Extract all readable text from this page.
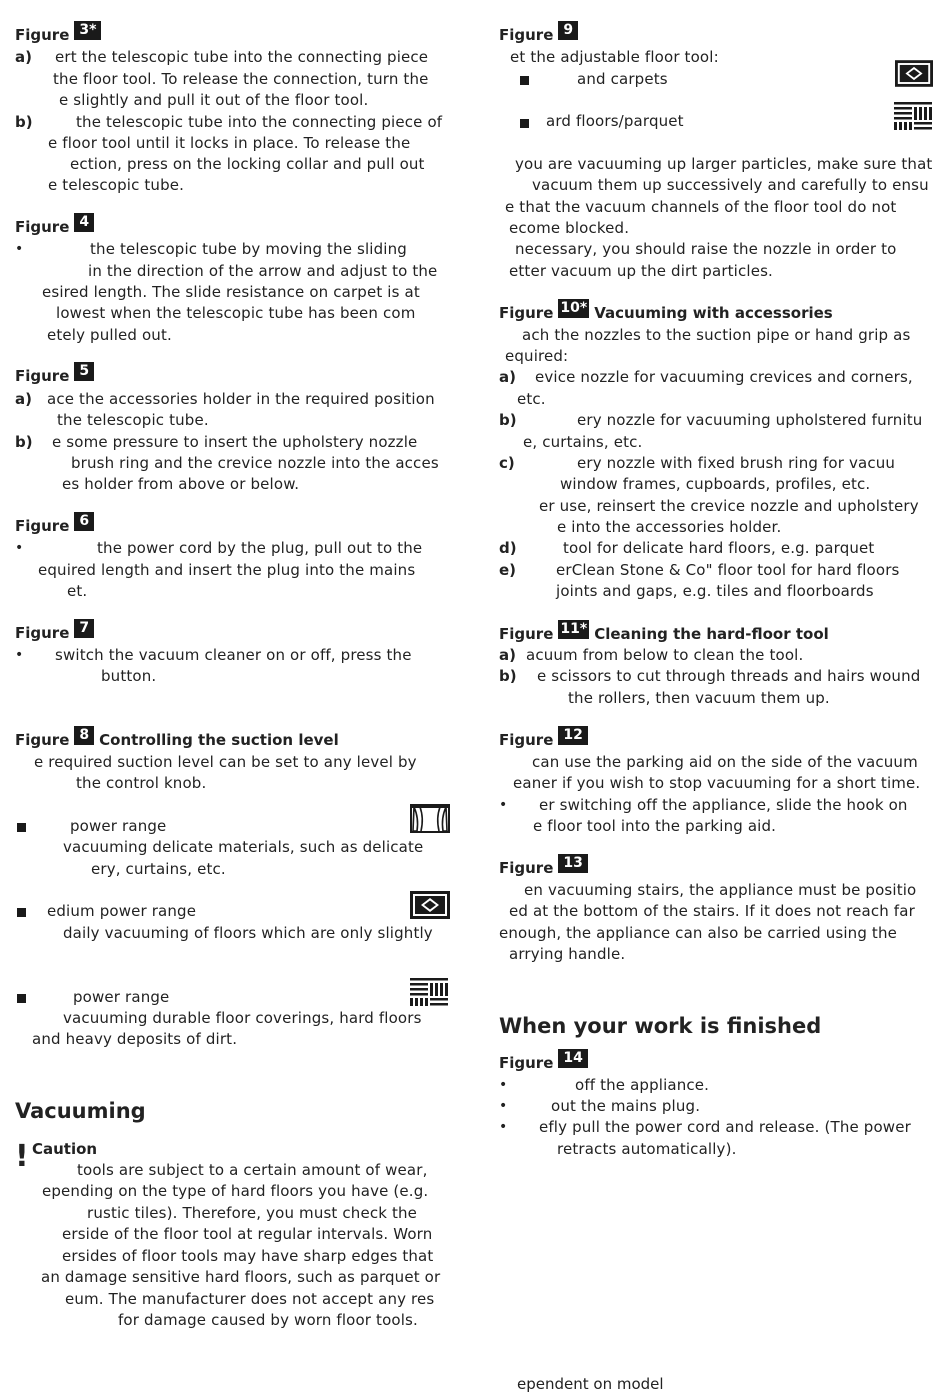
Figure 3*
a) ert the telescopic tube into the connecting piece
the floor tool. To release the connection, turn the
e slightly and pull it out of the floor tool.
b)	the telescopic tube into the connecting piece of
e floor tool until it locks in place. To release the
ection, press on the locking collar and pull out
e telescopic tube.
Figure 4
•	the telescopic tube by moving the sliding
in the direction of the arrow and adjust to the
esired length. The slide resistance on carpet is at
lowest when the telescopic tube has been com
etely pulled out.
Figure 5
a) ace the accessories holder in the required position
the telescopic tube.
b) e some pressure to insert the upholstery nozzle
brush ring and the crevice nozzle into the acces
es holder from above or below.
Figure 6
•	the power cord by the plug, pull out to the
equired length and insert the plug into the mains
et.
Figure 7
• switch the vacuum cleaner on or off, press the
button.
Figure 8 Controlling the suction level
e required suction level can be set to any level by
the control knob.
power range
vacuuming delicate materials, such as delicate
ery, curtains, etc.
edium power range
daily vacuuming of floors which are only slightly
power range
vacuuming durable floor coverings, hard floors
and heavy deposits of dirt.
Vacuuming
! Caution
tools are subject to a certain amount of wear,
epending on the type of hard floors you have (e.g.
rustic tiles). Therefore, you must check the
erside of the floor tool at regular intervals. Worn
ersides of floor tools may have sharp edges that
an damage sensitive hard floors, such as parquet or
eum. The manufacturer does not accept any res
for damage caused by worn floor tools.
Figure 9
et the adjustable floor tool:
and carpets
ard floors/parquet
you are vacuuming up larger particles, make sure that
vacuum them up successively and carefully to ensu
e that the vacuum channels of the floor tool do not
ecome blocked.
necessary, you should raise the nozzle in order to
etter vacuum up the dirt particles.
Figure 10* Vacuuming with accessories
ach the nozzles to the suction pipe or hand grip as
equired:
a) evice nozzle for vacuuming crevices and corners,
etc.
b)	ery nozzle for vacuuming upholstered furnitu
e, curtains, etc.
c)	ery nozzle with fixed brush ring for vacuu
window frames, cupboards, profiles, etc.
er use, reinsert the crevice nozzle and upholstery
e into the accessories holder.
d)	tool for delicate hard floors, e.g. parquet
e)	erClean Stone & Co" floor tool for hard floors
joints and gaps, e.g. tiles and floorboards
Figure 11* Cleaning the hard-floor tool
a) acuum from below to clean the tool.
b) e scissors to cut through threads and hairs wound
the rollers, then vacuum them up.
Figure 12
can use the parking aid on the side of the vacuum
eaner if you wish to stop vacuuming for a short time.
• er switching off the appliance, slide the hook on
e floor tool into the parking aid.
Figure 13
en vacuuming stairs, the appliance must be positio
ed at the bottom of the stairs. If it does not reach far
enough, the appliance can also be carried using the
arrying handle.
When your work is finished
Figure 14
•	off the appliance.
•	out the mains plug.
• efly pull the power cord and release. (The power
retracts automatically).
ependent on model
